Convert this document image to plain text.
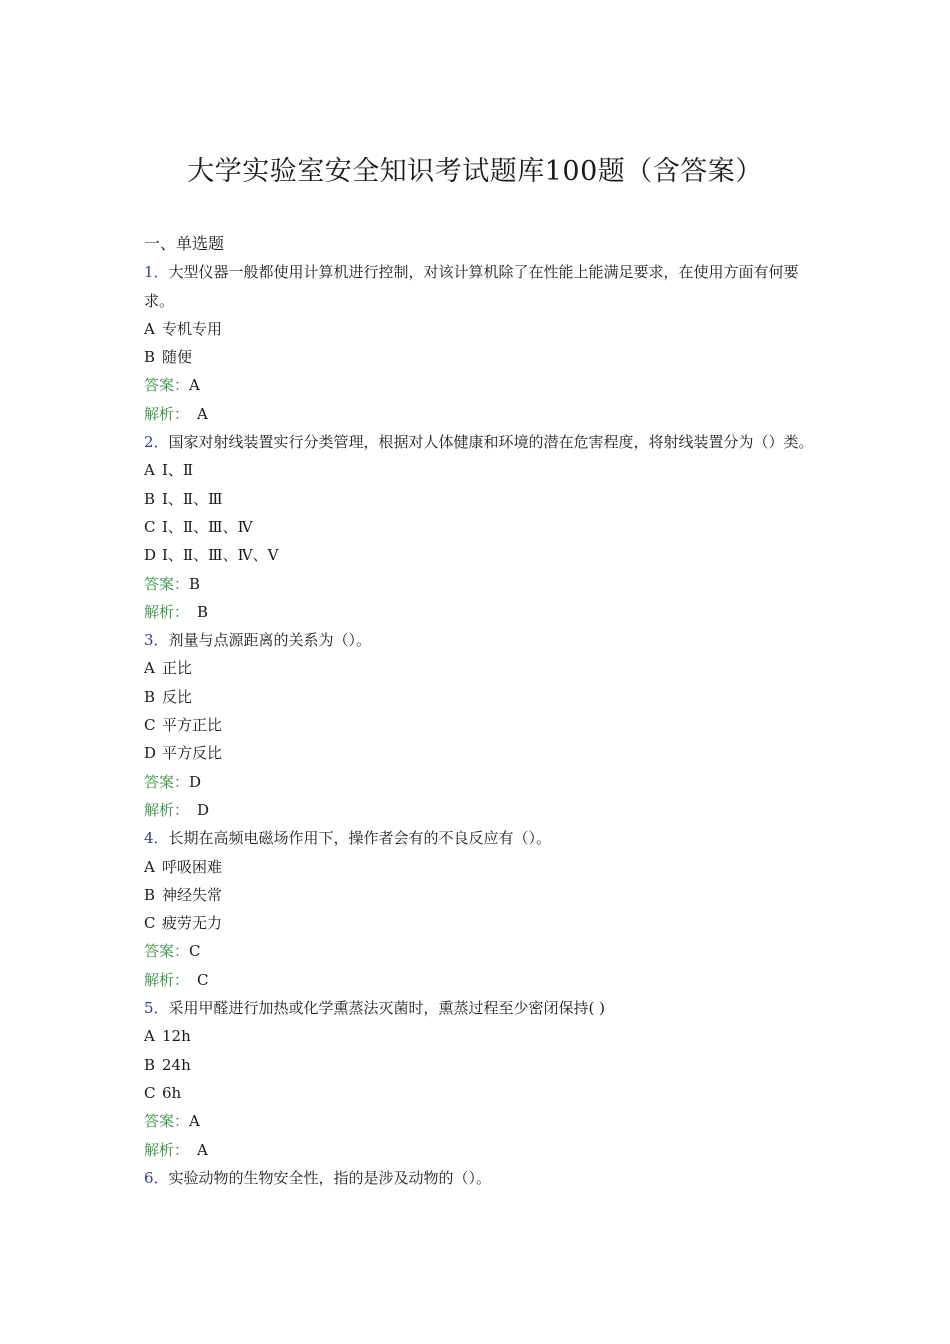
大学实验室安全知识考试题库100题（含答案）
一、单选题
1．大型仪器一般都使用计算机进行控制，对该计算机除了在性能上能满足要求，在使用方面有何要求。
A 专机专用
B 随便
答案：A
解析： A
2．国家对射线装置实行分类管理，根据对人体健康和环境的潜在危害程度，将射线装置分为（）类。
A Ⅰ、Ⅱ
B Ⅰ、Ⅱ、Ⅲ
C Ⅰ、Ⅱ、Ⅲ、Ⅳ
D Ⅰ、Ⅱ、Ⅲ、Ⅳ、Ⅴ
答案：B
解析： B
3．剂量与点源距离的关系为（）。
A 正比
B 反比
C 平方正比
D 平方反比
答案：D
解析： D
4．长期在高频电磁场作用下，操作者会有的不良反应有（）。
A 呼吸困难
B 神经失常
C 疲劳无力
答案：C
解析： C
5．采用甲醛进行加热或化学熏蒸法灭菌时，熏蒸过程至少密闭保持( )
A 12h
B 24h
C 6h
答案：A
解析： A
6．实验动物的生物安全性，指的是涉及动物的（）。
